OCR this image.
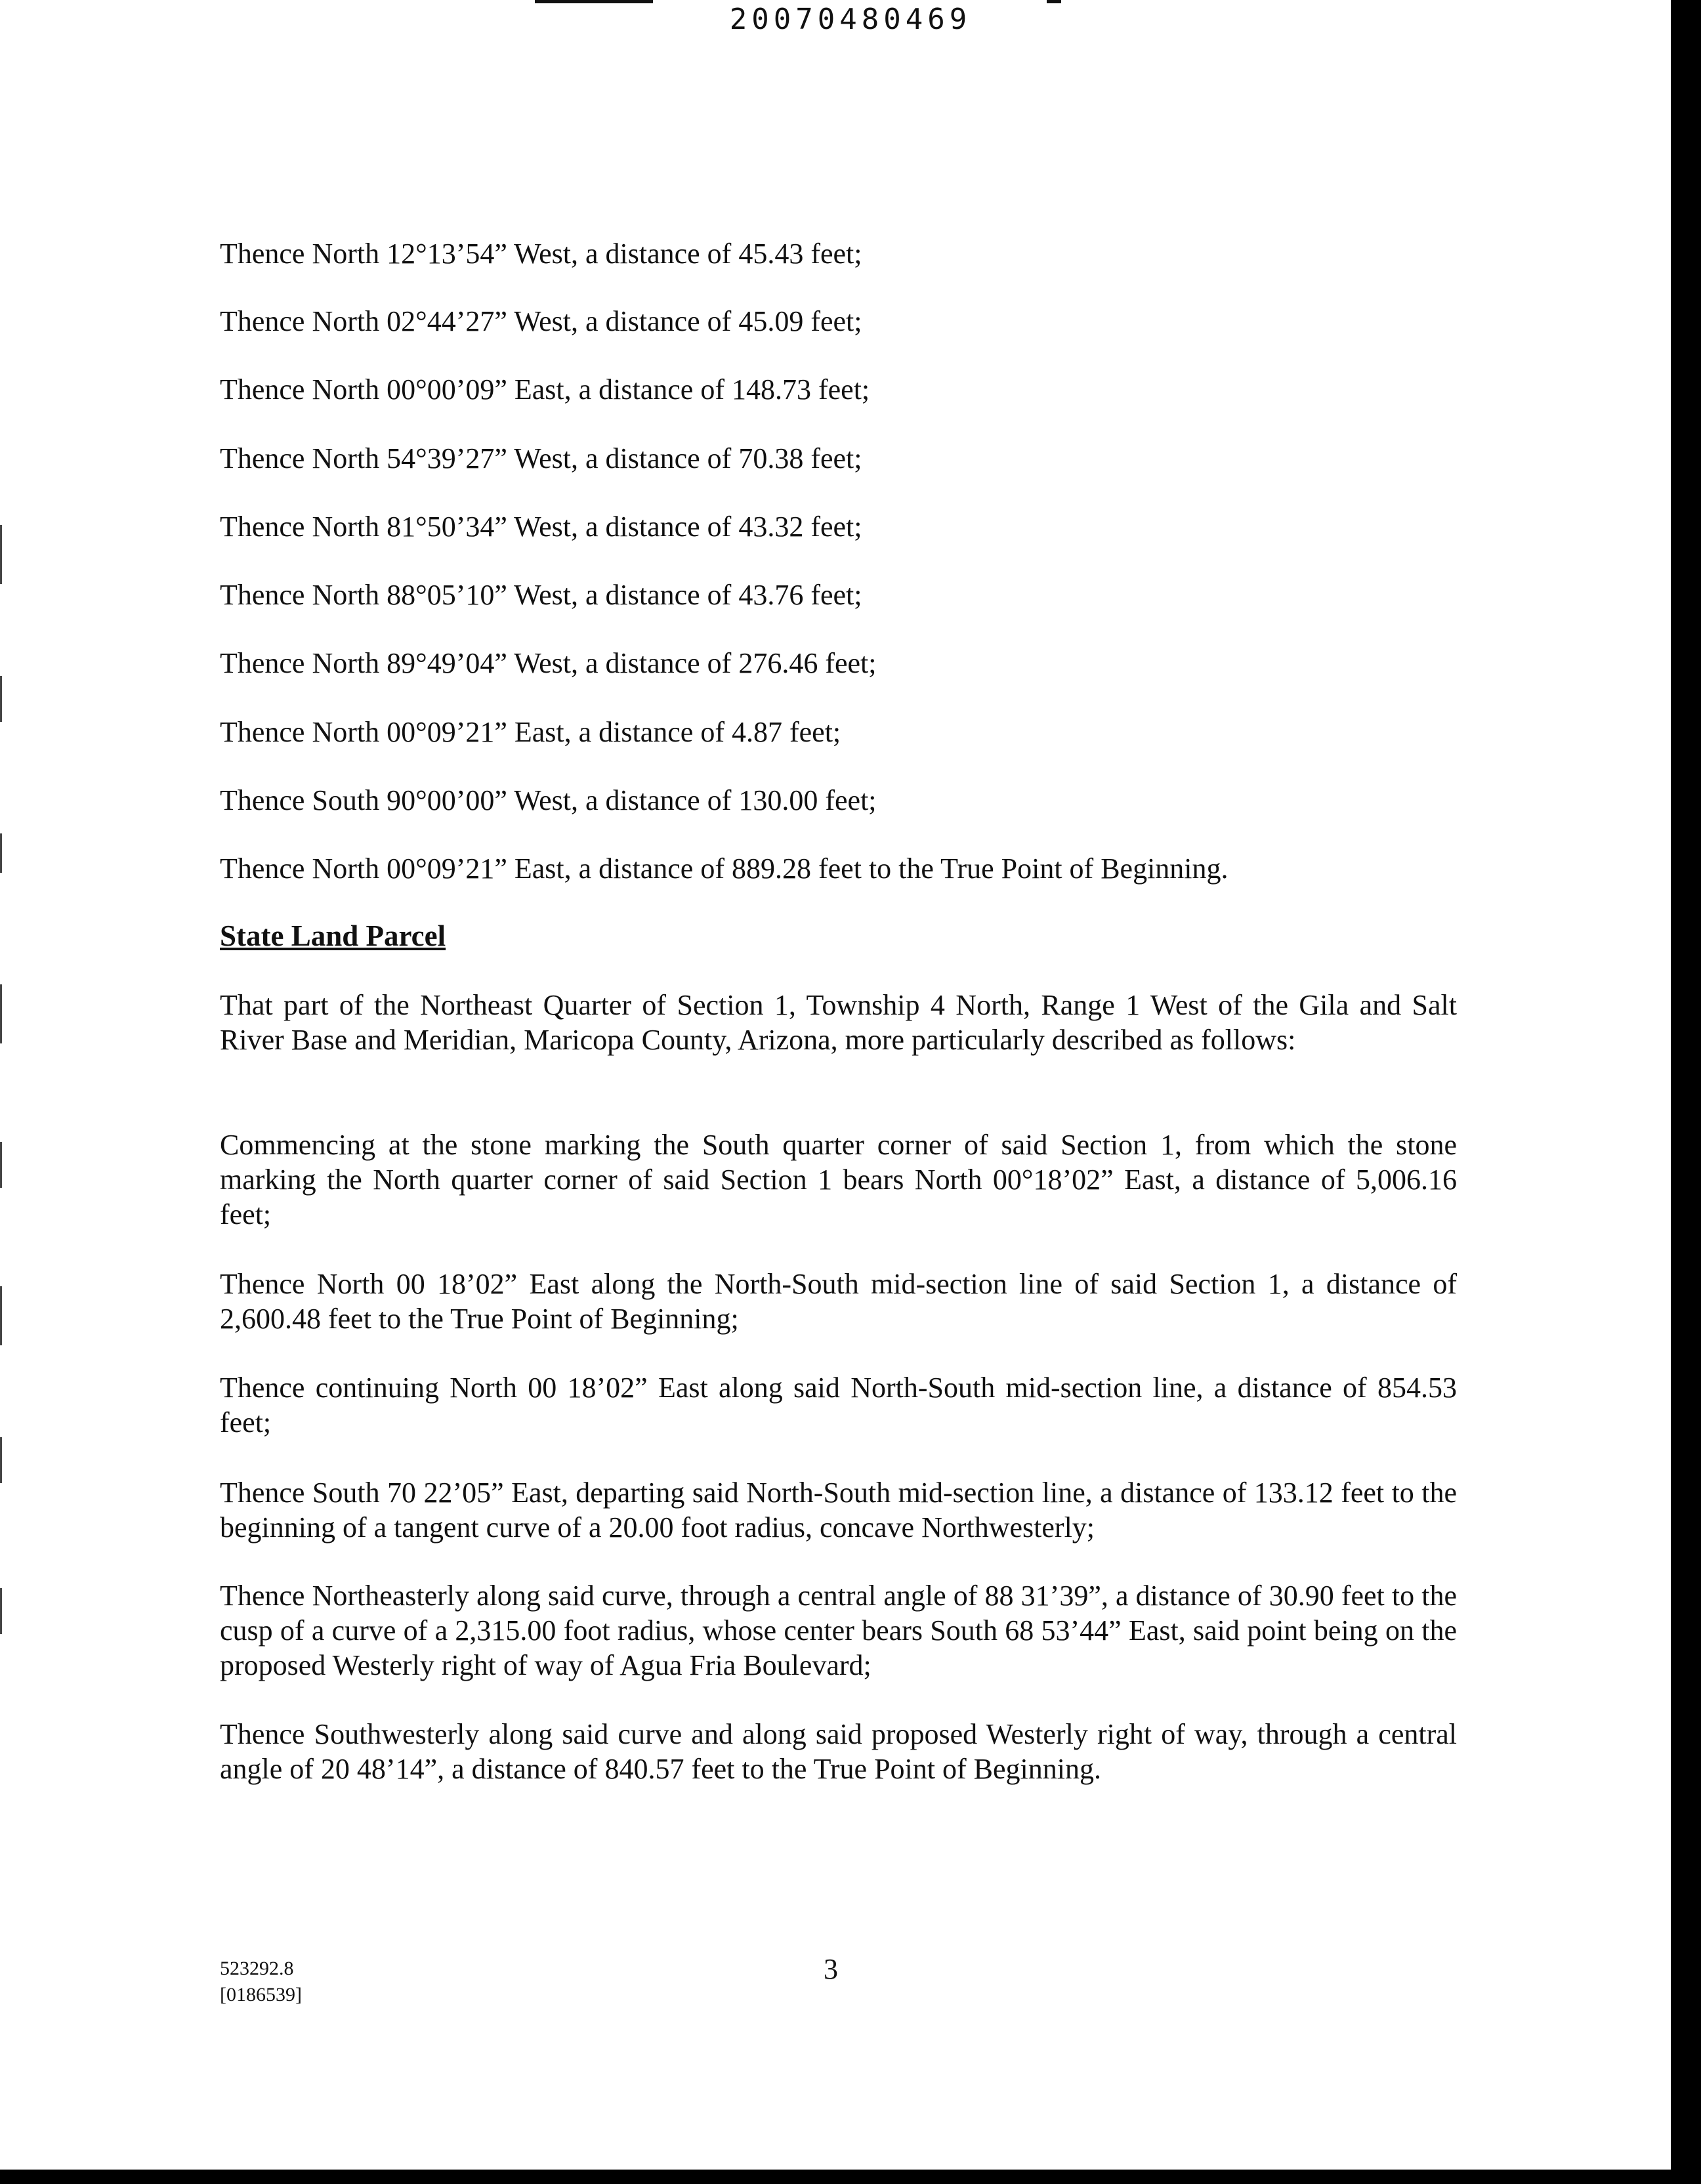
20070480469

Thence North 12°13’54” West, a distance of 45.43 feet;

Thence North 02°44’27” West, a distance of 45.09 feet;

Thence North 00°00’09” East, a distance of 148.73 feet;

Thence North 54°39’27” West, a distance of 70.38 feet;

Thence North 81°50’34” West, a distance of 43.32 feet;

Thence North 88°05’10” West, a distance of 43.76 feet;

Thence North 89°49’04” West, a distance of 276.46 feet;

Thence North 00°09’21” East, a distance of 4.87 feet;

Thence South 90°00’00” West, a distance of 130.00 feet;

Thence North 00°09’21” East, a distance of 889.28 feet to the True Point of Beginning.

State Land Parcel

That part of the Northeast Quarter of Section 1, Township 4 North, Range 1 West of the Gila and Salt River Base and Meridian, Maricopa County, Arizona, more particularly described as follows:

Commencing at the stone marking the South quarter corner of said Section 1, from which the stone marking the North quarter corner of said Section 1 bears North 00°18’02” East, a distance of 5,006.16 feet;

Thence North 00 18’02” East along the North-South mid-section line of said Section 1, a distance of 2,600.48 feet to the True Point of Beginning;

Thence continuing North 00 18’02” East along said North-South mid-section line, a distance of 854.53 feet;

Thence South 70 22’05” East, departing said North-South mid-section line, a distance of 133.12 feet to the beginning of a tangent curve of a 20.00 foot radius, concave Northwesterly;

Thence Northeasterly along said curve, through a central angle of 88 31’39”, a distance of 30.90 feet to the cusp of a curve of a 2,315.00 foot radius, whose center bears South 68 53’44” East, said point being on the proposed Westerly right of way of Agua Fria Boulevard;

Thence Southwesterly along said curve and along said proposed Westerly right of way, through a central angle of 20 48’14”, a distance of 840.57 feet to the True Point of Beginning.

523292.8
[0186539]
3
